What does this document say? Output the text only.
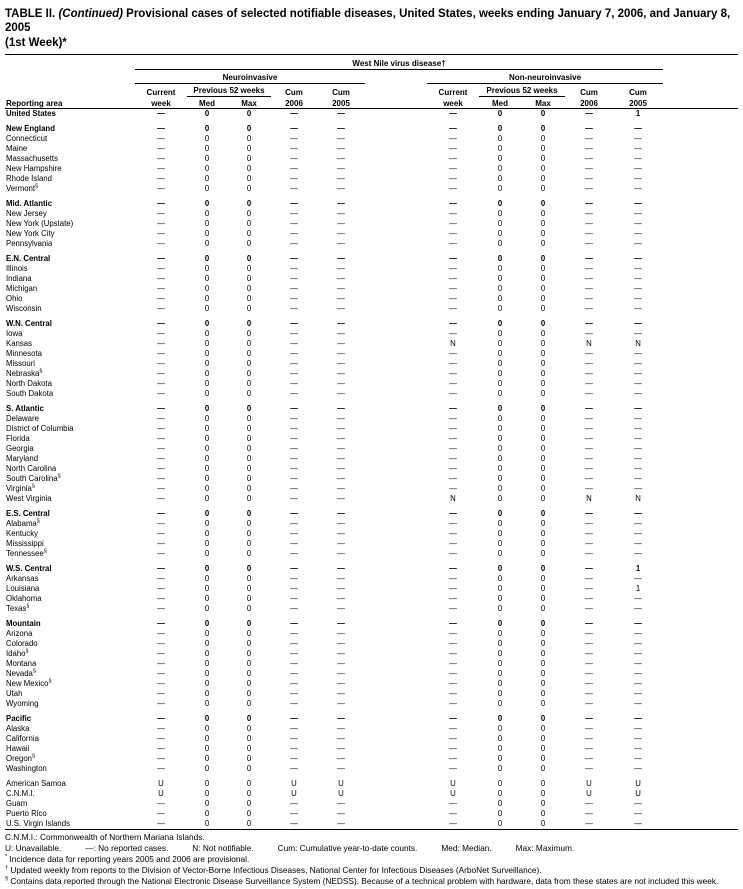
TABLE II. (Continued) Provisional cases of selected notifiable diseases, United States, weeks ending January 7, 2006, and January 8, 2005
(1st Week)*
	West Nile virus disease†											
	Neuroinvasive						Non-neuroinvasive					
	Current	Previous 52 weeks		Cum	Cum		Current	Previous 52 weeks		Cum	Cum	
Reporting area	week	Med	Max	2006	2005		week	Med	Max	2006	2005	
United States	—	0	0	—	—		—	0	0	—	1	

New England	—	0	0	—	—		—	0	0	—	—	
Connecticut	—	0	0	—	—		—	0	0	—	—	
Maine	—	0	0	—	—		—	0	0	—	—	
Massachusetts	—	0	0	—	—		—	0	0	—	—	
New Hampshire	—	0	0	—	—		—	0	0	—	—	
Rhode Island	—	0	0	—	—		—	0	0	—	—	
Vermont§	—	0	0	—	—		—	0	0	—	—	

Mid. Atlantic	—	0	0	—	—		—	0	0	—	—	
New Jersey	—	0	0	—	—		—	0	0	—	—	
New York (Upstate)	—	0	0	—	—		—	0	0	—	—	
New York City	—	0	0	—	—		—	0	0	—	—	
Pennsylvania	—	0	0	—	—		—	0	0	—	—	

E.N. Central	—	0	0	—	—		—	0	0	—	—	
Illinois	—	0	0	—	—		—	0	0	—	—	
Indiana	—	0	0	—	—		—	0	0	—	—	
Michigan	—	0	0	—	—		—	0	0	—	—	
Ohio	—	0	0	—	—		—	0	0	—	—	
Wisconsin	—	0	0	—	—		—	0	0	—	—	

W.N. Central	—	0	0	—	—		—	0	0	—	—	
Iowa	—	0	0	—	—		—	0	0	—	—	
Kansas	—	0	0	—	—		N	0	0	N	N	
Minnesota	—	0	0	—	—		—	0	0	—	—	
Missouri	—	0	0	—	—		—	0	0	—	—	
Nebraska§	—	0	0	—	—		—	0	0	—	—	
North Dakota	—	0	0	—	—		—	0	0	—	—	
South Dakota	—	0	0	—	—		—	0	0	—	—	

S. Atlantic	—	0	0	—	—		—	0	0	—	—	
Delaware	—	0	0	—	—		—	0	0	—	—	
District of Columbia	—	0	0	—	—		—	0	0	—	—	
Florida	—	0	0	—	—		—	0	0	—	—	
Georgia	—	0	0	—	—		—	0	0	—	—	
Maryland	—	0	0	—	—		—	0	0	—	—	
North Carolina	—	0	0	—	—		—	0	0	—	—	
South Carolina§	—	0	0	—	—		—	0	0	—	—	
Virginia§	—	0	0	—	—		—	0	0	—	—	
West Virginia	—	0	0	—	—		N	0	0	N	N	

E.S. Central	—	0	0	—	—		—	0	0	—	—	
Alabama§	—	0	0	—	—		—	0	0	—	—	
Kentucky	—	0	0	—	—		—	0	0	—	—	
Mississippi	—	0	0	—	—		—	0	0	—	—	
Tennessee§	—	0	0	—	—		—	0	0	—	—	

W.S. Central	—	0	0	—	—		—	0	0	—	1	
Arkansas	—	0	0	—	—		—	0	0	—	—	
Louisiana	—	0	0	—	—		—	0	0	—	1	
Oklahoma	—	0	0	—	—		—	0	0	—	—	
Texas§	—	0	0	—	—		—	0	0	—	—	

Mountain	—	0	0	—	—		—	0	0	—	—	
Arizona	—	0	0	—	—		—	0	0	—	—	
Colorado	—	0	0	—	—		—	0	0	—	—	
Idaho§	—	0	0	—	—		—	0	0	—	—	
Montana	—	0	0	—	—		—	0	0	—	—	
Nevada§	—	0	0	—	—		—	0	0	—	—	
New Mexico§	—	0	0	—	—		—	0	0	—	—	
Utah	—	0	0	—	—		—	0	0	—	—	
Wyoming	—	0	0	—	—		—	0	0	—	—	

Pacific	—	0	0	—	—		—	0	0	—	—	
Alaska	—	0	0	—	—		—	0	0	—	—	
California	—	0	0	—	—		—	0	0	—	—	
Hawaii	—	0	0	—	—		—	0	0	—	—	
Oregon§	—	0	0	—	—		—	0	0	—	—	
Washington	—	0	0	—	—		—	0	0	—	—	

American Samoa	U	0	0	U	U		U	0	0	U	U	
C.N.M.I.	U	0	0	U	U		U	0	0	U	U	
Guam	—	0	0	—	—		—	0	0	—	—	
Puerto Rico	—	0	0	—	—		—	0	0	—	—	
U.S. Virgin Islands	—	0	0	—	—		—	0	0	—	—	
C.N.M.I.: Commonwealth of Northern Mariana Islands.
U: Unavailable.	—: No reported cases.	N: Not notifiable.	Cum: Cumulative year-to-date counts.	Med: Median.	Max: Maximum.
* Incidence data for reporting years 2005 and 2006 are provisional.
† Updated weekly from reports to the Division of Vector-Borne Infectious Diseases, National Center for Infectious Diseases (ArboNet Surveillance).
§ Contains data reported through the National Electronic Disease Surveillance System (NEDSS). Because of a technical problem with hardware, data from these states are not included this week.
